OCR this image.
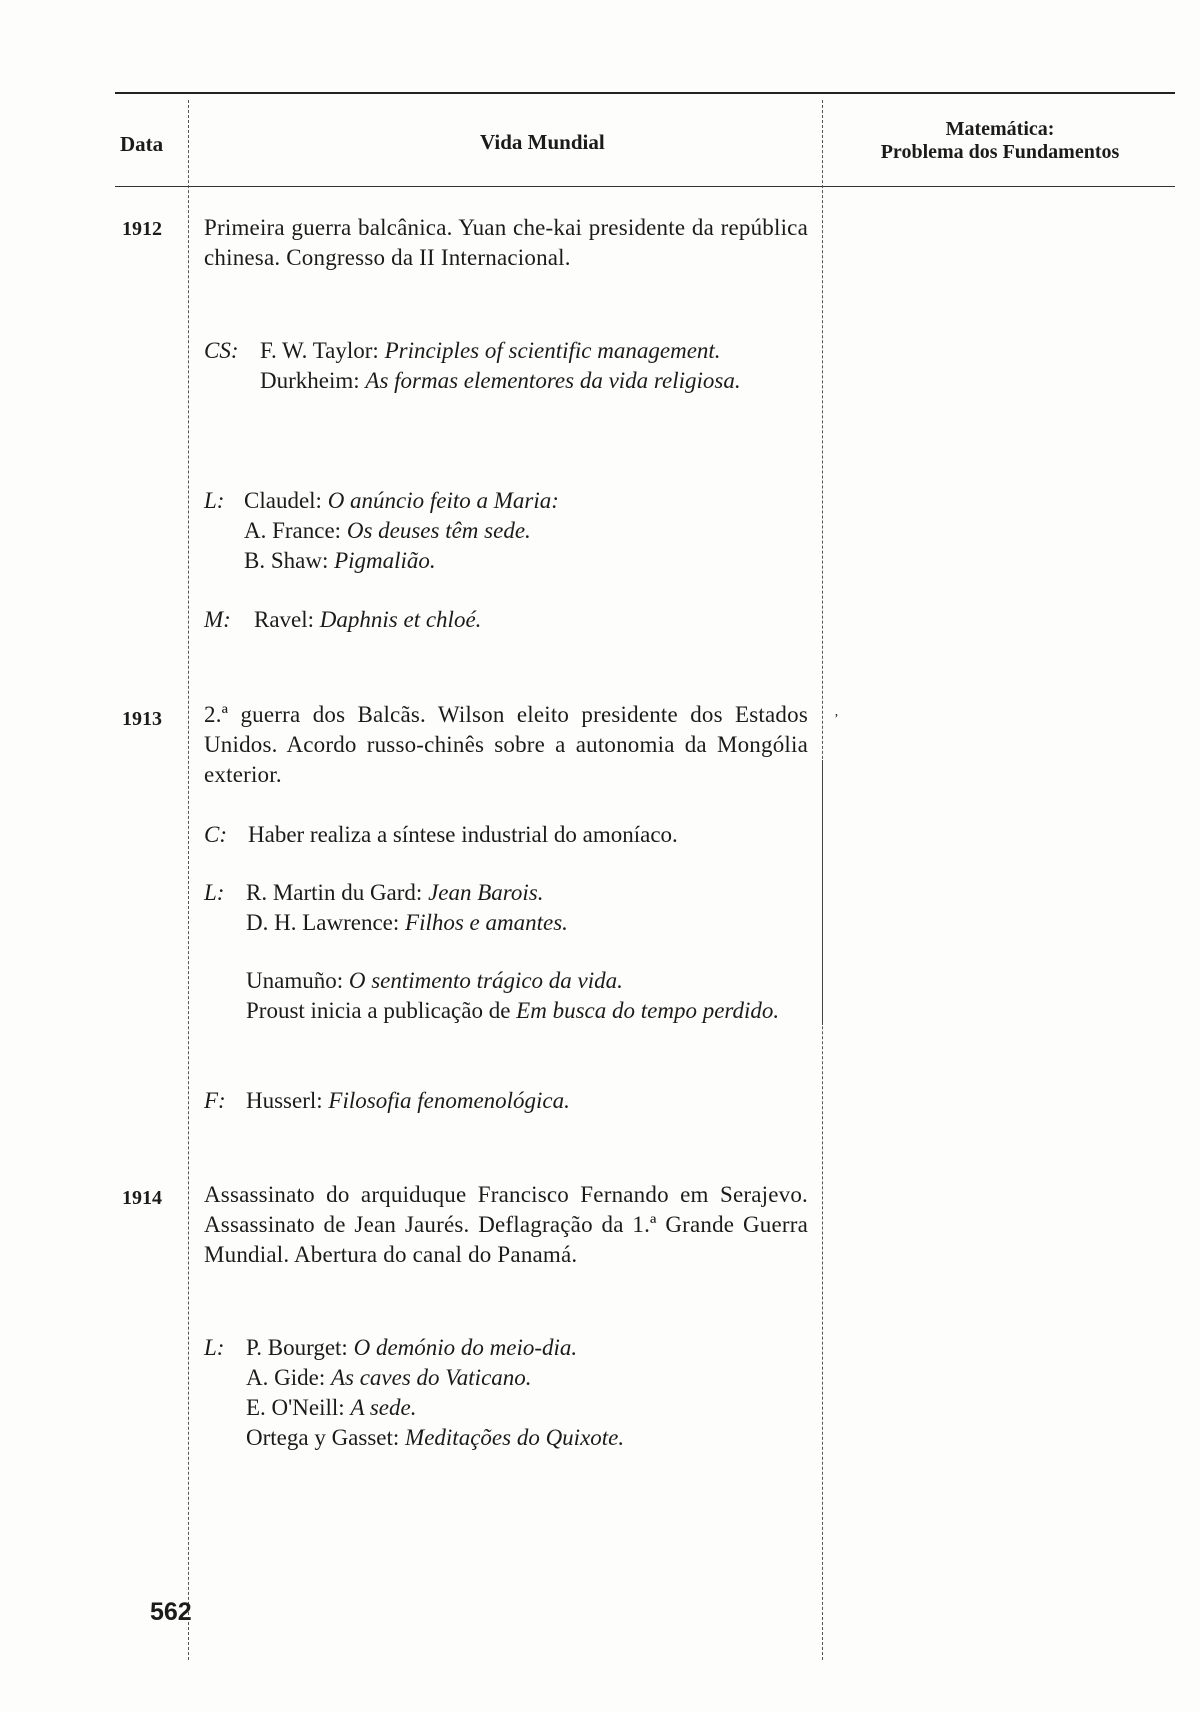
Data	Vida Mundial
Matemática:
Problema dos Fundamentos
1912 Primeira guerra balcânica. Yuan che-kai presidente da república chinesa. Congresso da II Internacional.
CS: F. W. Taylor: Principles of scientific management.
Durkheim: As formas elementores da vida religiosa.
L: Claudel: O anúncio feito a Maria:
A. France: Os deuses têm sede.
B. Shaw: Pigmalião.
M: Ravel: Daphnis et chloé.
1913 2.ª guerra dos Balcãs. Wilson eleito presidente dos Estados Unidos. Acordo russo-chinês sobre a autonomia da Mongólia exterior.
’
C: Haber realiza a síntese industrial do amoníaco.
L: R. Martin du Gard: Jean Barois.
D. H. Lawrence: Filhos e amantes.
Unamuño: O sentimento trágico da vida.
Proust inicia a publicação de Em busca do tempo perdido.
F: Husserl: Filosofia fenomenológica.
1914 Assassinato do arquiduque Francisco Fernando em Serajevo. Assassinato de Jean Jaurés. Deflagração da 1.ª Grande Guerra Mundial. Abertura do canal do Panamá.
L: P. Bourget: O demónio do meio-dia.
A. Gide: As caves do Vaticano.
E. O'Neill: A sede.
Ortega y Gasset: Meditações do Quixote.
562
